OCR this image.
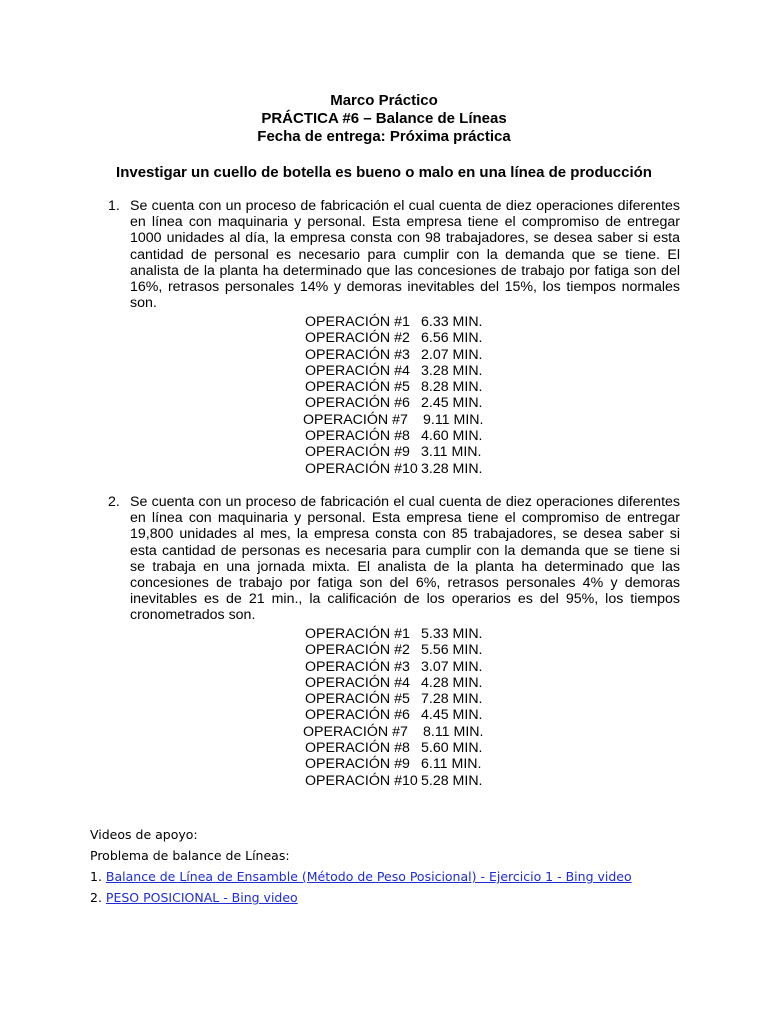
Marco Práctico
PRÁCTICA #6 – Balance de Líneas
Fecha de entrega: Próxima práctica
Investigar un cuello de botella es bueno o malo en una línea de producción
1. Se cuenta con un proceso de fabricación el cual cuenta de diez operaciones diferentes en línea con maquinaria y personal. Esta empresa tiene el compromiso de entregar 1000 unidades al día, la empresa consta con 98 trabajadores, se desea saber si esta cantidad de personal es necesario para cumplir con la demanda que se tiene. El analista de la planta ha determinado que las concesiones de trabajo por fatiga son del 16%, retrasos personales 14% y demoras inevitables del 15%, los tiempos normales son.
OPERACIÓN #1 6.33 MIN.
OPERACIÓN #2 6.56 MIN.
OPERACIÓN #3 2.07 MIN.
OPERACIÓN #4 3.28 MIN.
OPERACIÓN #5 8.28 MIN.
OPERACIÓN #6 2.45 MIN.
OPERACIÓN #7	9.11 MIN.
OPERACIÓN #8 4.60 MIN.
OPERACIÓN #9 3.11 MIN.
OPERACIÓN #10 3.28 MIN.
2. Se cuenta con un proceso de fabricación el cual cuenta de diez operaciones diferentes en línea con maquinaria y personal. Esta empresa tiene el compromiso de entregar 19,800 unidades al mes, la empresa consta con 85 trabajadores, se desea saber si esta cantidad de personas es necesaria para cumplir con la demanda que se tiene si se trabaja en una jornada mixta. El analista de la planta ha determinado que las concesiones de trabajo por fatiga son del 6%, retrasos personales 4% y demoras inevitables es de 21 min., la calificación de los operarios es del 95%, los tiempos cronometrados son.
OPERACIÓN #1 5.33 MIN.
OPERACIÓN #2 5.56 MIN.
OPERACIÓN #3 3.07 MIN.
OPERACIÓN #4 4.28 MIN.
OPERACIÓN #5 7.28 MIN.
OPERACIÓN #6 4.45 MIN.
OPERACIÓN #7	8.11 MIN.
OPERACIÓN #8 5.60 MIN.
OPERACIÓN #9 6.11 MIN.
OPERACIÓN #10 5.28 MIN.
Videos de apoyo:
Problema de balance de Líneas:
1. Balance de Línea de Ensamble (Método de Peso Posicional) - Ejercicio 1 - Bing video
2. PESO POSICIONAL - Bing video
